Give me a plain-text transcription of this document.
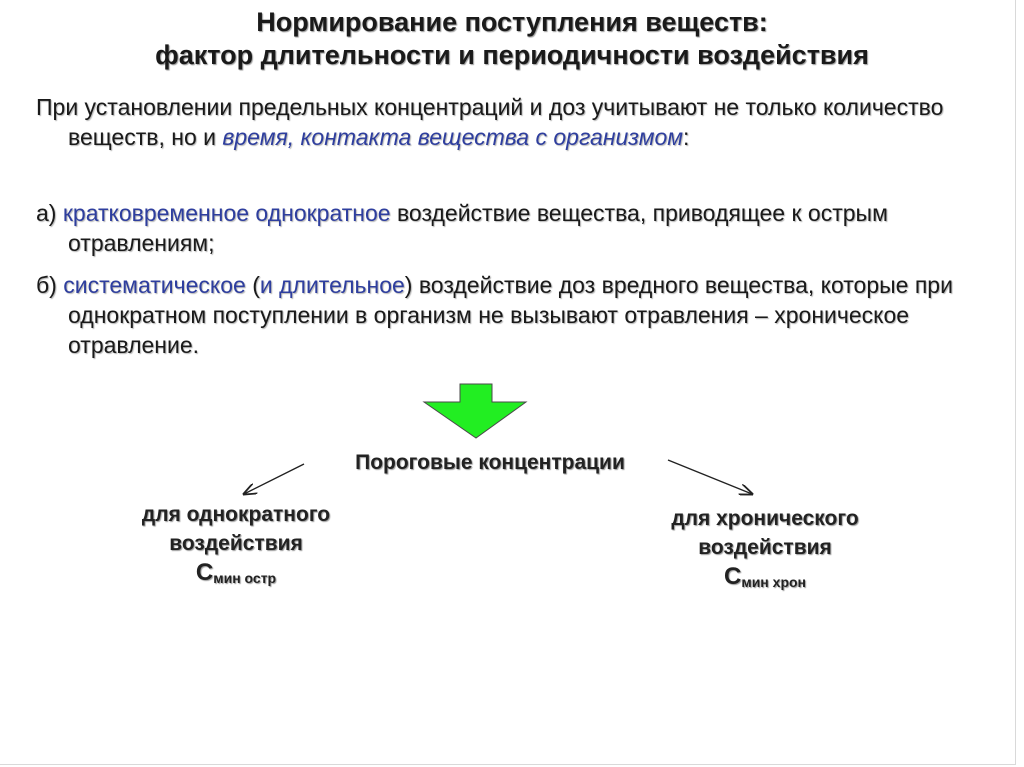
Нормирование поступления веществ:
фактор длительности и периодичности воздействия
При установлении предельных концентраций и доз учитывают не только количество веществ, но и время, контакта вещества с организмом:
а) кратковременное однократное воздействие вещества, приводящее к острым отравлениям;
б) систематическое (и длительное) воздействие доз вредного вещества, которые при однократном поступлении в организм не вызывают отравления – хроническое отравление.
Пороговые концентрации
для однократного
воздействия
Смин остр
для хронического
воздействия
Смин хрон
